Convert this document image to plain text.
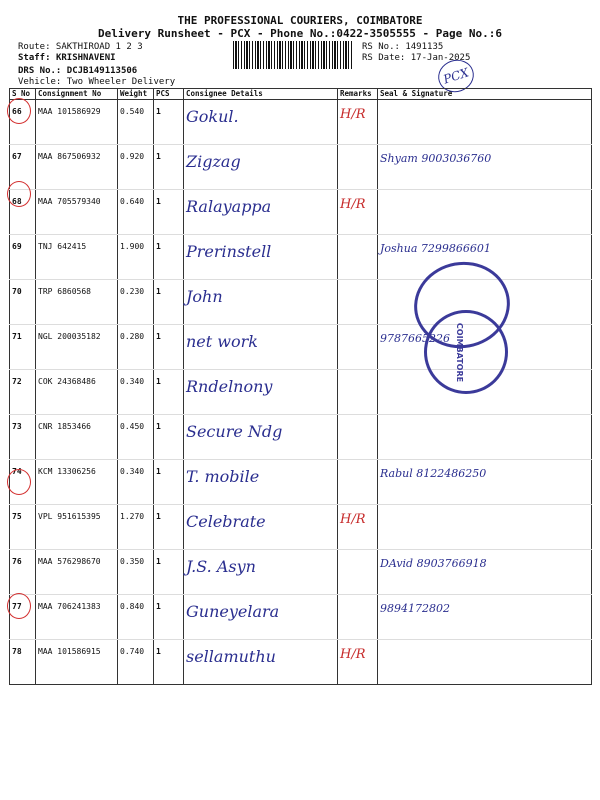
THE PROFESSIONAL COURIERS, COIMBATORE
Delivery Runsheet - PCX - Phone No.:0422-3505555 - Page No.:6
Route: SAKTHIROAD 1 2 3
Staff: KRISHNAVENI
DRS No.: DCJB149113506
Vehicle: Two Wheeler Delivery
RS No.: 1491135
RS Date: 17-Jan-2025
PCX
S No	Consignment No	Weight	PCS	Consignee Details	Remarks	Seal & Signature
66	MAA 101586929	0.540	1	Gokul.	H/R	
67	MAA 867506932	0.920	1	Zigzag		Shyam 9003036760
68	MAA 705579340	0.640	1	Ralayappa	H/R	
69	TNJ 642415	1.900	1	Prerinstell		Joshua 7299866601
70	TRP 6860568	0.230	1	John		
71	NGL 200035182	0.280	1	net work		9787665226
72	COK 24368486	0.340	1	Rndelnony		
73	CNR 1853466	0.450	1	Secure Ndg		
74	KCM 13306256	0.340	1	T. mobile		Rabul 8122486250
75	VPL 951615395	1.270	1	Celebrate	H/R	
76	MAA 576298670	0.350	1	J.S. Asyn		DAvid 8903766918
77	MAA 706241383	0.840	1	Guneyelara		9894172802
78	MAA 101586915	0.740	1	sellamuthu	H/R	
COIMBATORE
